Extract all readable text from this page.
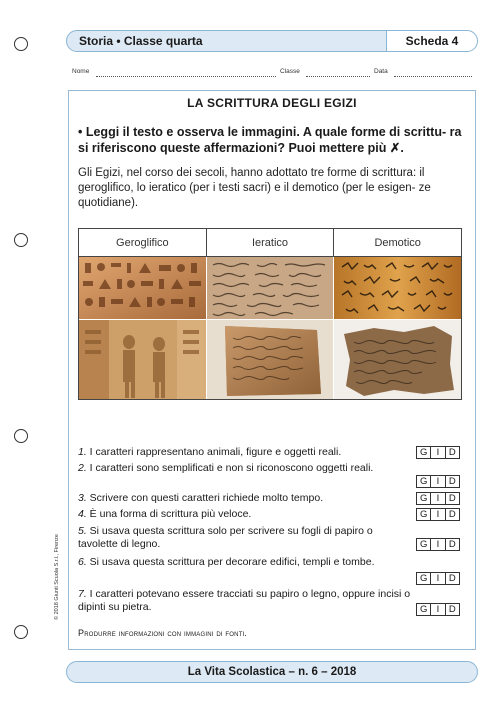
Storia • Classe quarta	Scheda 4
Nome	Classe	Data
LA SCRITTURA DEGLI EGIZI
• Leggi il testo e osserva le immagini. A quale forme di scrittu- ra si riferiscono queste affermazioni? Puoi mettere più ✗.
Gli Egizi, nel corso dei secoli, hanno adottato tre forme di scrittura: il geroglifico, lo ieratico (per i testi sacri) e il demotico (per le esigen- ze quotidiane).
Geroglifico	Ieratico	Demotico
1. I caratteri rappresentano animali, figure e oggetti reali.	G I	D
2. I caratteri sono semplificati e non si riconoscono oggetti reali.
G I	D
3. Scrivere con questi caratteri richiede molto tempo.	G I	D
4. È una forma di scrittura più veloce.	G I	D
5. Si usava questa scrittura solo per scrivere su fogli di papiro o tavolette di legno.	G I	D
6. Si usava questa scrittura per decorare edifici, templi e tombe.
G I	D
7. I caratteri potevano essere tracciati su papiro o legno, oppure incisi o dipinti su pietra.	G I	D
Produrre informazioni con immagini di fonti.
© 2018 Giunti Scuola S.r.l., Firenze
La Vita Scolastica – n. 6 – 2018
